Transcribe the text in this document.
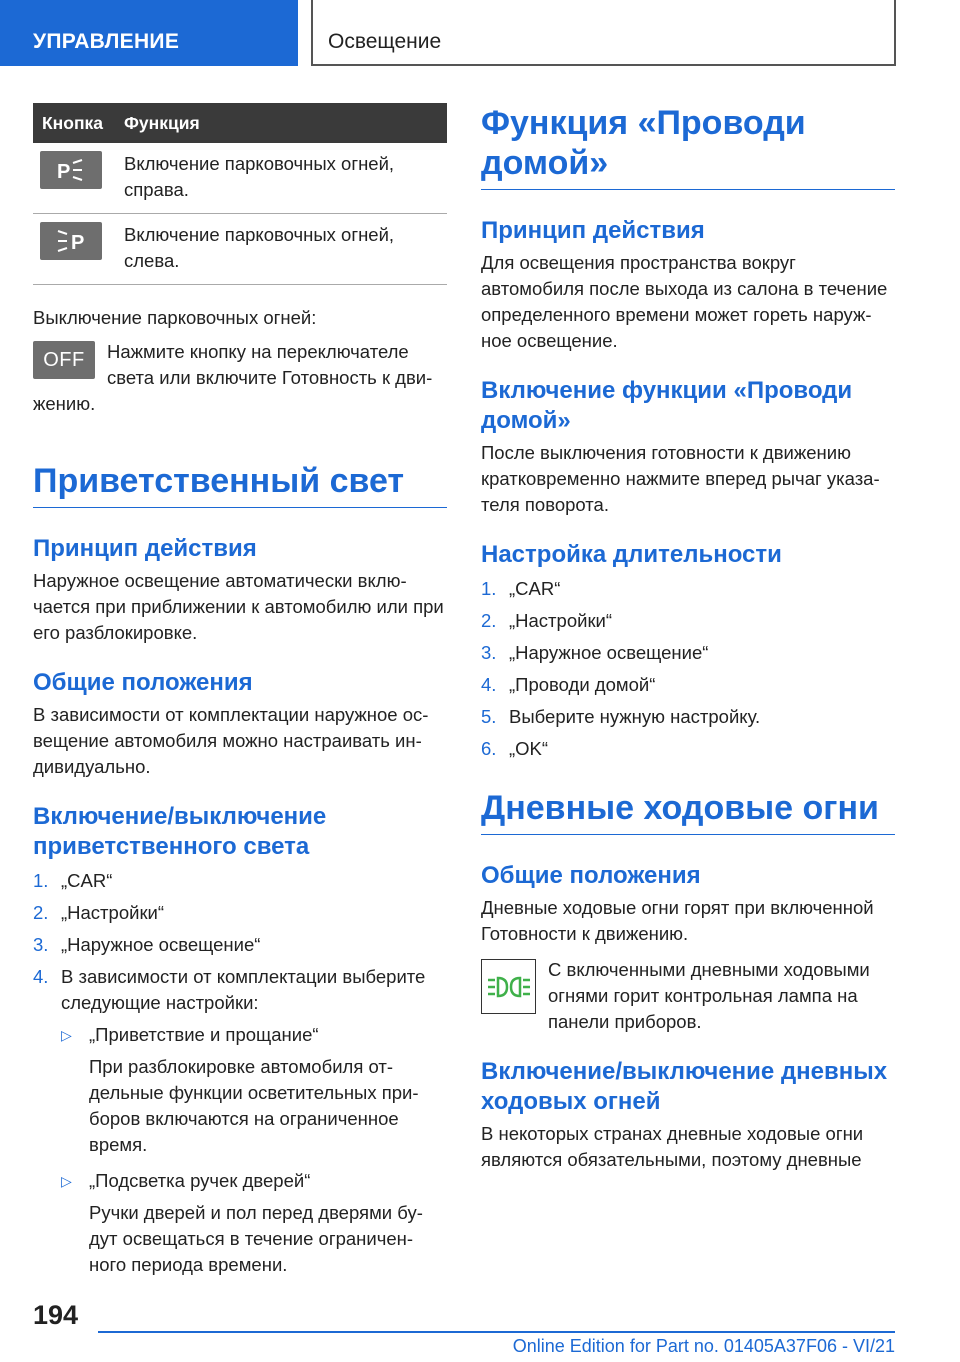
УПРАВЛЕНИЕ	Освещение
Кнопка	Функция

P	Включение парковочных огней, справа.

P	Включение парковочных огней, слева.

Выключение парковочных огней:

OFF	Нажмите кнопку на переключателе света или включите Готовность к дви-жению.

Приветственный свет
Принцип действия

Наружное освещение автоматически вклю-чается при приближении к автомобилю или при его разблокировке.

Общие положения

В зависимости от комплектации наружное ос-вещение автомобиля можно настраивать ин-дивидуально.

Включение/выключение приветственного света
1. „CAR“
2. „Настройки“
3. „Наружное освещение“
4. В зависимости от комплектации выберите следующие настройки:
▷ „Приветствие и прощание“
При разблокировке автомобиля от-дельные функции осветительных при-боров включаются на ограниченное время.
▷ „Подсветка ручек дверей“
Ручки дверей и пол перед дверями бу-дут освещаться в течение ограничен-ного периода времени.
Функция «Проводи домой»
Принцип действия

Для освещения пространства вокруг автомобиля после выхода из салона в течение определенного времени может гореть наруж-ное освещение.

Включение функции «Проводи домой»

После выключения готовности к движению кратковременно нажмите вперед рычаг указа-теля поворота.

Настройка длительности
1. „CAR“
2. „Настройки“
3. „Наружное освещение“
4. „Проводи домой“
5. Выберите нужную настройку.
6. „OK“
Дневные ходовые огни
Общие положения

Дневные ходовые огни горят при включенной Готовности к движению.

С включенными дневными ходовыми огнями горит контрольная лампа на панели приборов.

Включение/выключение дневных ходовых огней

В некоторых странах дневные ходовые огни являются обязательными, поэтому дневные

194
Online Edition for Part no. 01405A37F06 - VI/21
